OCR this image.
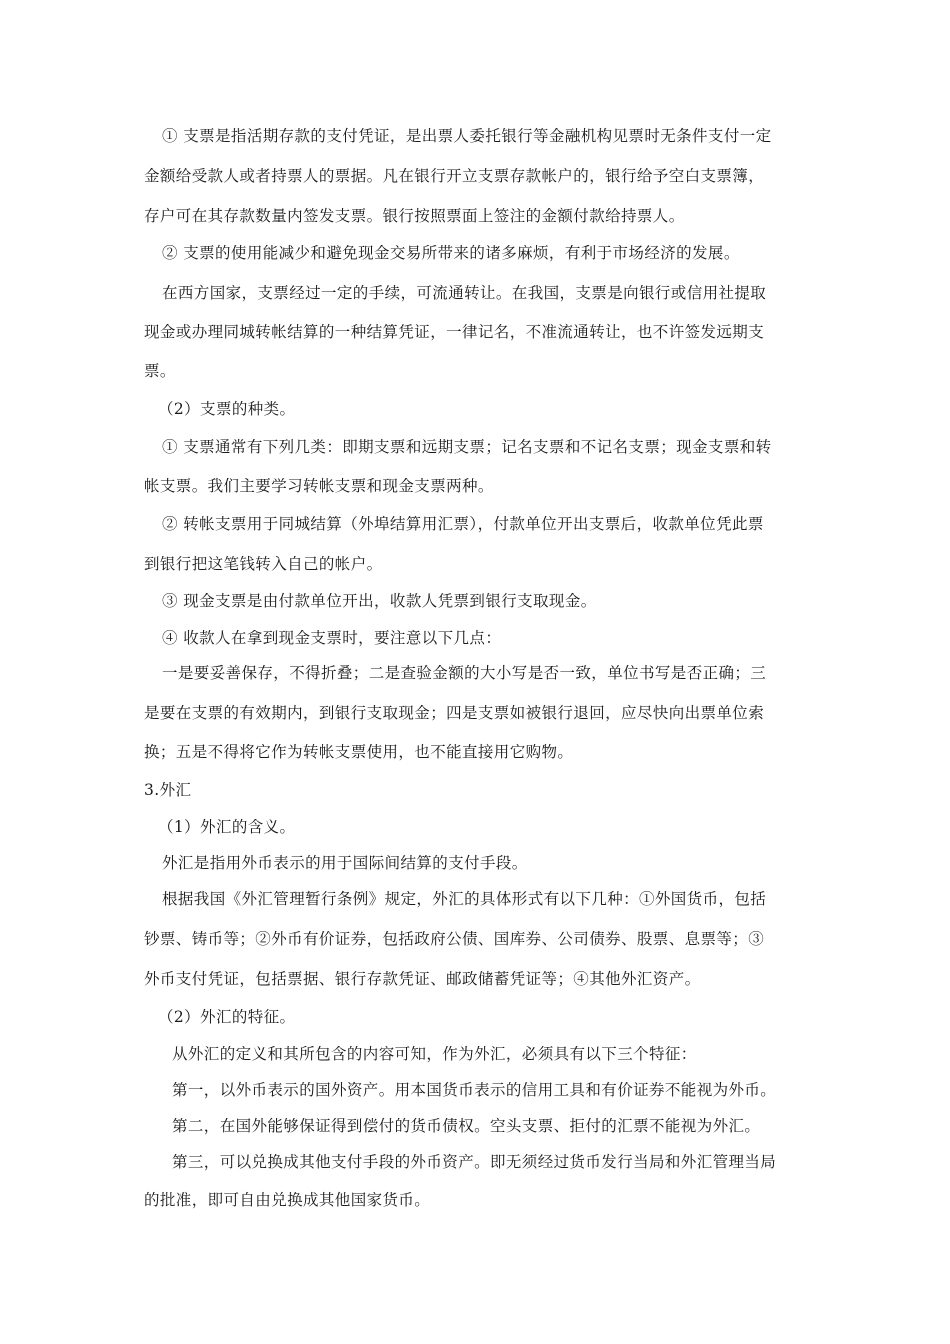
① 支票是指活期存款的支付凭证，是出票人委托银行等金融机构见票时无条件支付一定
金额给受款人或者持票人的票据。凡在银行开立支票存款帐户的，银行给予空白支票簿，
存户可在其存款数量内签发支票。银行按照票面上签注的金额付款给持票人。
② 支票的使用能减少和避免现金交易所带来的诸多麻烦，有利于市场经济的发展。
在西方国家，支票经过一定的手续，可流通转让。在我国，支票是向银行或信用社提取
现金或办理同城转帐结算的一种结算凭证，一律记名，不准流通转让，也不许签发远期支
票。
（2）支票的种类。
① 支票通常有下列几类：即期支票和远期支票；记名支票和不记名支票；现金支票和转
帐支票。我们主要学习转帐支票和现金支票两种。
② 转帐支票用于同城结算（外埠结算用汇票），付款单位开出支票后，收款单位凭此票
到银行把这笔钱转入自己的帐户。
③ 现金支票是由付款单位开出，收款人凭票到银行支取现金。
④ 收款人在拿到现金支票时，要注意以下几点：
一是要妥善保存，不得折叠；二是查验金额的大小写是否一致，单位书写是否正确；三
是要在支票的有效期内，到银行支取现金；四是支票如被银行退回，应尽快向出票单位索
换；五是不得将它作为转帐支票使用，也不能直接用它购物。
3.外汇
（1）外汇的含义。
外汇是指用外币表示的用于国际间结算的支付手段。
根据我国《外汇管理暂行条例》规定，外汇的具体形式有以下几种：①外国货币，包括
钞票、铸币等；②外币有价证券，包括政府公债、国库券、公司债券、股票、息票等；③
外币支付凭证，包括票据、银行存款凭证、邮政储蓄凭证等；④其他外汇资产。
（2）外汇的特征。
从外汇的定义和其所包含的内容可知，作为外汇，必须具有以下三个特征：
第一，以外币表示的国外资产。用本国货币表示的信用工具和有价证券不能视为外币。
第二，在国外能够保证得到偿付的货币债权。空头支票、拒付的汇票不能视为外汇。
第三，可以兑换成其他支付手段的外币资产。即无须经过货币发行当局和外汇管理当局
的批准，即可自由兑换成其他国家货币。
